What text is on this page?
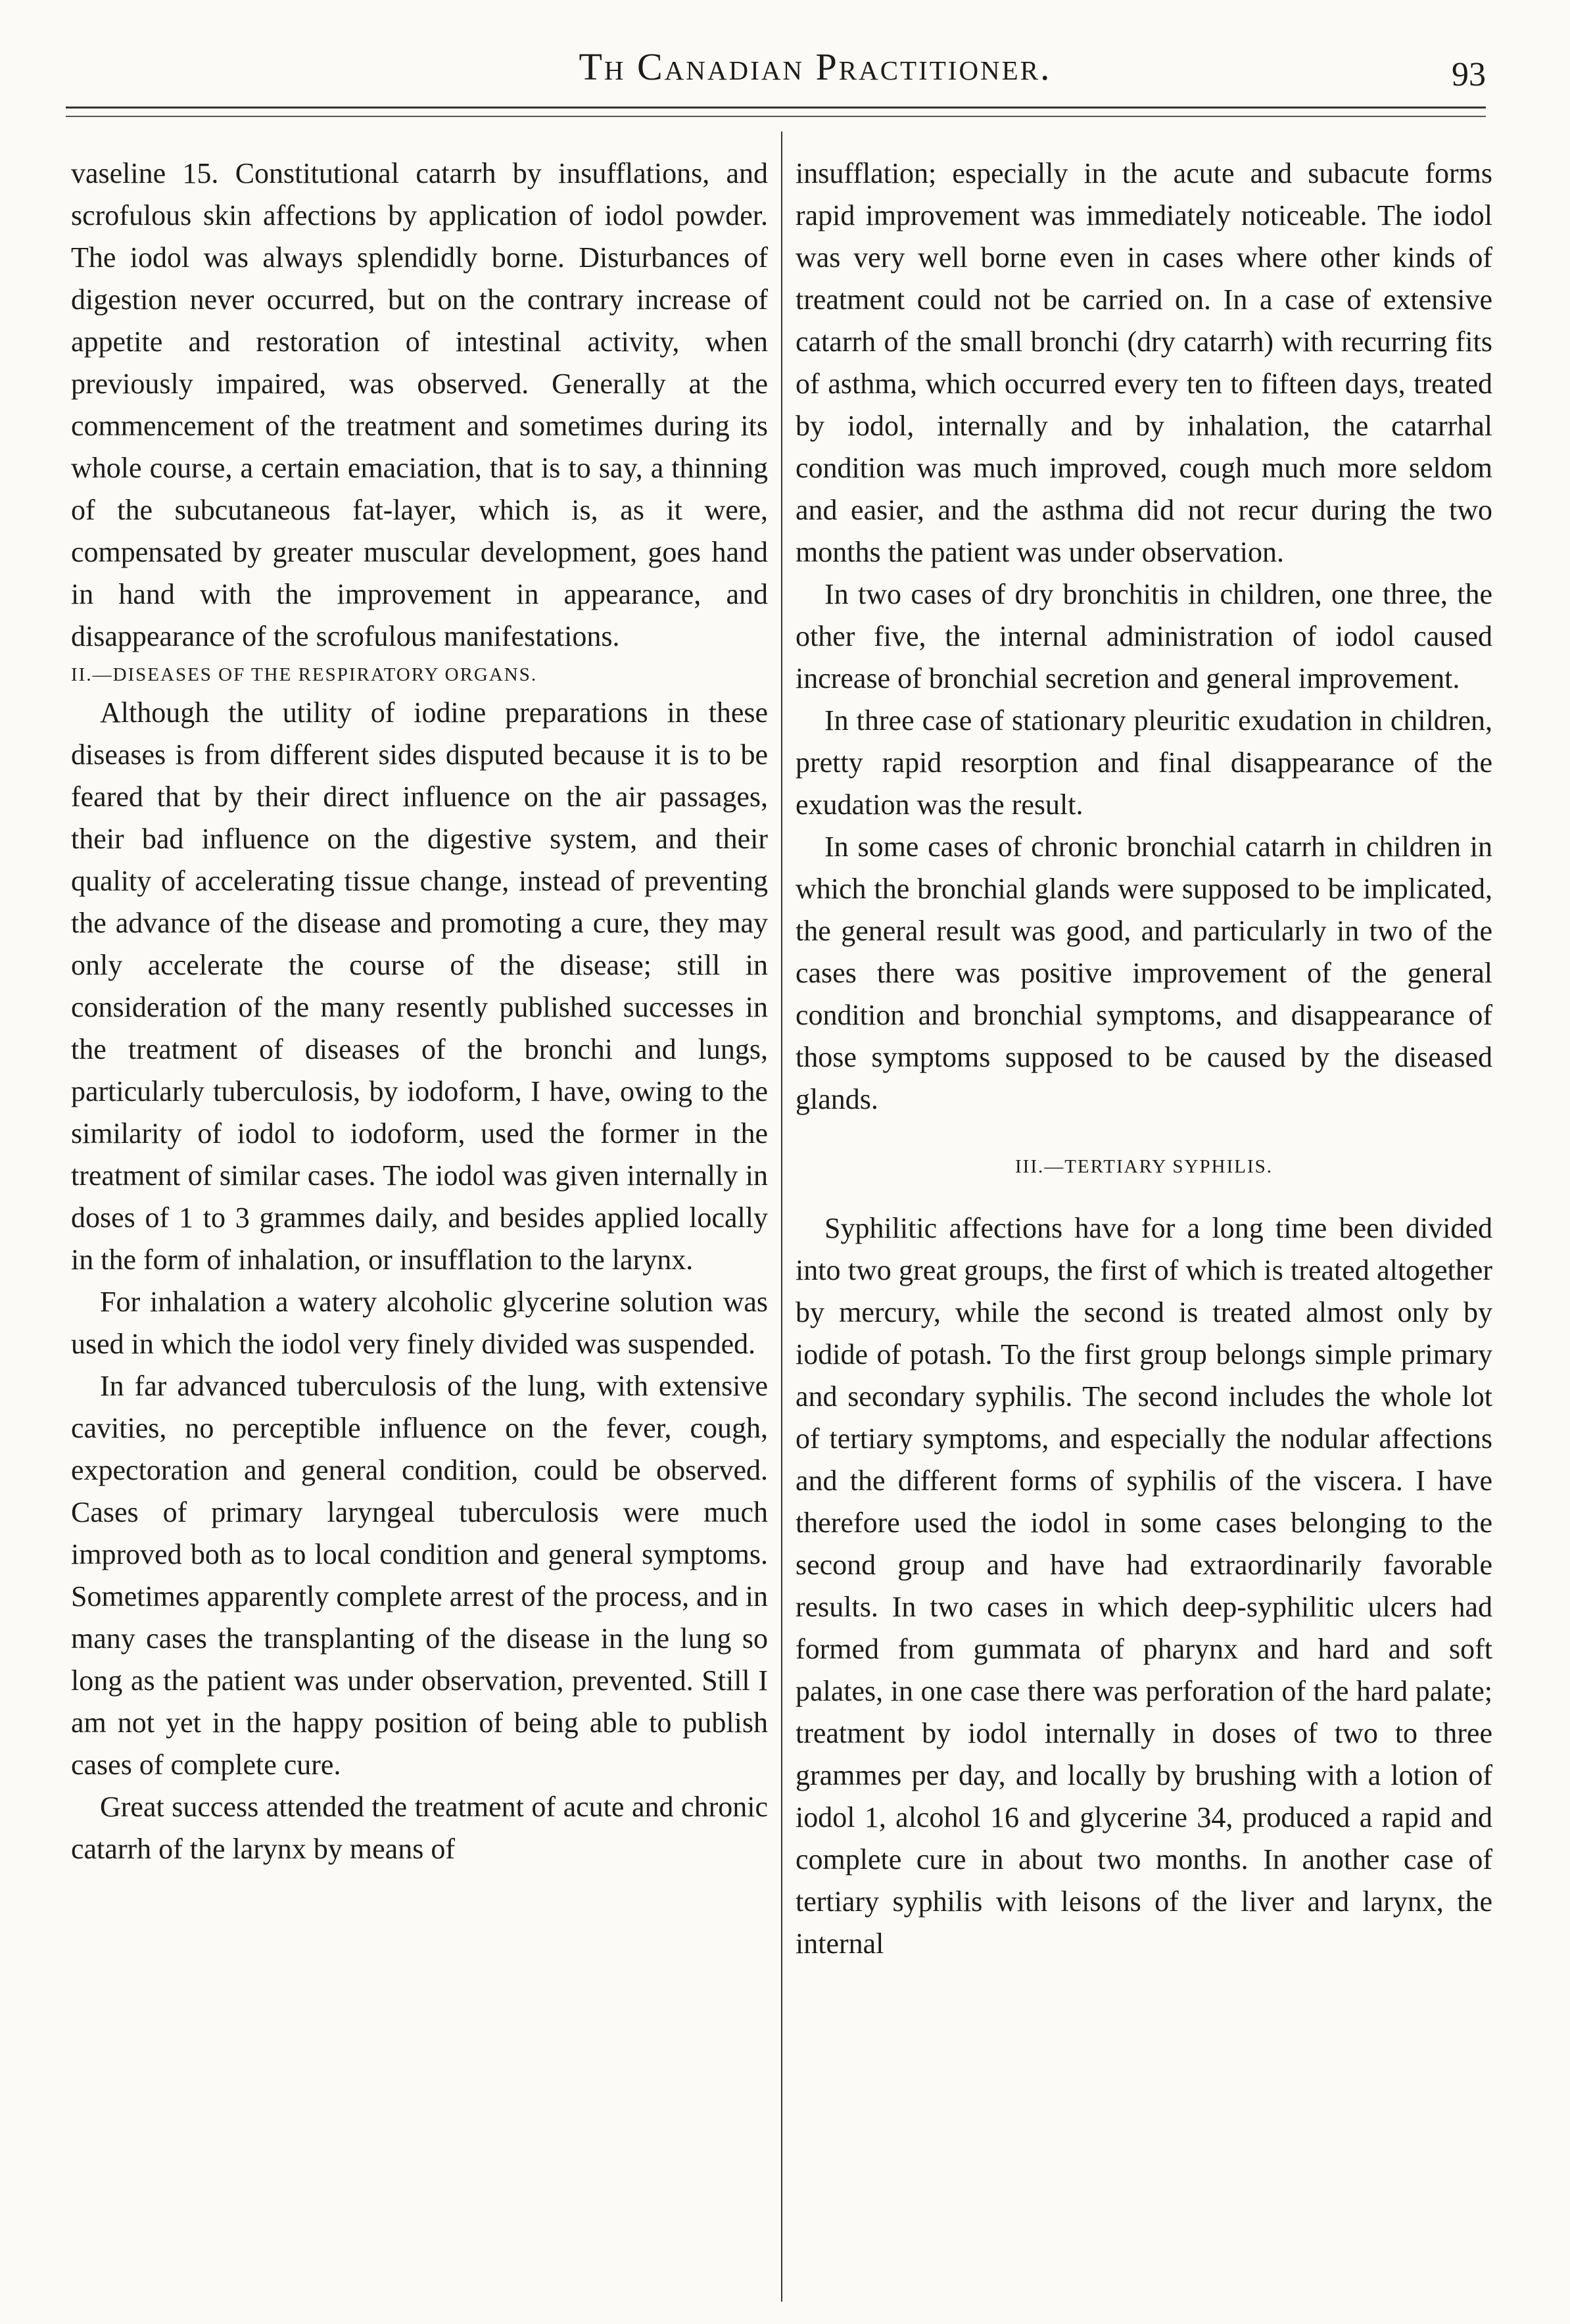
Th Canadian Practitioner.	93

vaseline 15. Constitutional catarrh by insufflations, and scrofulous skin affections by application of iodol powder. The iodol was always splendidly borne. Disturbances of digestion never occurred, but on the contrary increase of appetite and restoration of intestinal activity, when previously impaired, was observed. Generally at the commencement of the treatment and sometimes during its whole course, a certain emaciation, that is to say, a thinning of the subcutaneous fat-layer, which is, as it were, compensated by greater muscular development, goes hand in hand with the improvement in appearance, and disappearance of the scrofulous manifestations.

II.—DISEASES OF THE RESPIRATORY ORGANS.

Although the utility of iodine preparations in these diseases is from different sides disputed because it is to be feared that by their direct influence on the air passages, their bad influence on the digestive system, and their quality of accelerating tissue change, instead of preventing the advance of the disease and promoting a cure, they may only accelerate the course of the disease; still in consideration of the many resently published successes in the treatment of diseases of the bronchi and lungs, particularly tuberculosis, by iodoform, I have, owing to the similarity of iodol to iodoform, used the former in the treatment of similar cases. The iodol was given internally in doses of 1 to 3 grammes daily, and besides applied locally in the form of inhalation, or insufflation to the larynx.

For inhalation a watery alcoholic glycerine solution was used in which the iodol very finely divided was suspended.

In far advanced tuberculosis of the lung, with extensive cavities, no perceptible influence on the fever, cough, expectoration and general condition, could be observed. Cases of primary laryngeal tuberculosis were much improved both as to local condition and general symptoms. Sometimes apparently complete arrest of the process, and in many cases the transplanting of the disease in the lung so long as the patient was under observation, prevented. Still I am not yet in the happy position of being able to publish cases of complete cure.

Great success attended the treatment of acute and chronic catarrh of the larynx by means of

insufflation; especially in the acute and subacute forms rapid improvement was immediately noticeable. The iodol was very well borne even in cases where other kinds of treatment could not be carried on. In a case of extensive catarrh of the small bronchi (dry catarrh) with recurring fits of asthma, which occurred every ten to fifteen days, treated by iodol, internally and by inhalation, the catarrhal condition was much improved, cough much more seldom and easier, and the asthma did not recur during the two months the patient was under observation.

In two cases of dry bronchitis in children, one three, the other five, the internal administration of iodol caused increase of bronchial secretion and general improvement.

In three case of stationary pleuritic exudation in children, pretty rapid resorption and final disappearance of the exudation was the result.

In some cases of chronic bronchial catarrh in children in which the bronchial glands were supposed to be implicated, the general result was good, and particularly in two of the cases there was positive improvement of the general condition and bronchial symptoms, and disappearance of those symptoms supposed to be caused by the diseased glands.

III.—TERTIARY SYPHILIS.

Syphilitic affections have for a long time been divided into two great groups, the first of which is treated altogether by mercury, while the second is treated almost only by iodide of potash. To the first group belongs simple primary and secondary syphilis. The second includes the whole lot of tertiary symptoms, and especially the nodular affections and the different forms of syphilis of the viscera. I have therefore used the iodol in some cases belonging to the second group and have had extraordinarily favorable results. In two cases in which deep-syphilitic ulcers had formed from gummata of pharynx and hard and soft palates, in one case there was perforation of the hard palate; treatment by iodol internally in doses of two to three grammes per day, and locally by brushing with a lotion of iodol 1, alcohol 16 and glycerine 34, produced a rapid and complete cure in about two months. In another case of tertiary syphilis with leisons of the liver and larynx, the internal
